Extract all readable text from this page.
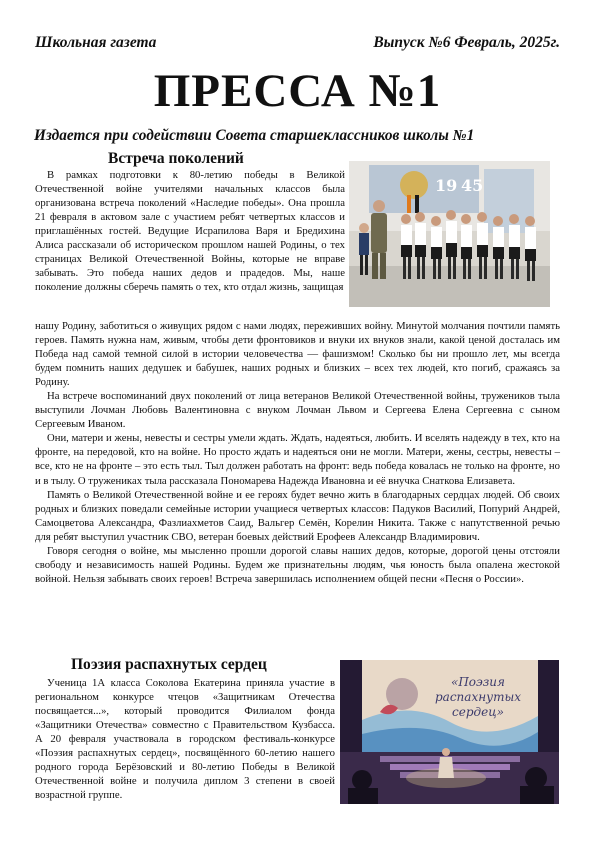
Школьная газета	Выпуск №6 Февраль, 2025г.
ПРЕССА №1
Издается при содействии Совета старшеклассников школы №1
Встреча поколений

В рамках подготовки к 80-летию победы в Великой Отечественной войне учителями начальных классов была организована встреча поколений «Наследие победы». Она прошла 21 февраля в актовом зале с участием ребят четвертых классов и приглашённых гостей. Ведущие Исрапилова Варя и Бредихина Алиса рассказали об историческом прошлом нашей Родины, о тех страницах Великой Отечественной Войны, которые не вправе забывать. Это победа наших дедов и прадедов. Мы, наше поколение должны сберечь память о тех, кто отдал жизнь, защищая

19 45

нашу Родину, заботиться о живущих рядом с нами людях, переживших войну. Минутой молчания почтили память героев. Память нужна нам, живым, чтобы дети фронтовиков и внуки их внуков знали, какой ценой досталась им Победа над самой темной силой в истории человечества — фашизмом! Сколько бы ни прошло лет, мы всегда будем помнить наших дедушек и бабушек, наших родных и близких – всех тех людей, кто погиб, сражаясь за Родину.

На встрече воспоминаний двух поколений от лица ветеранов Великой Отечественной войны, тружеников тыла выступили Лочман Любовь Валентиновна с внуком Лочман Львом и Сергеева Елена Сергеевна с сыном Сергеевым Иваном.

Они, матери и жены, невесты и сестры умели ждать. Ждать, надеяться, любить. И вселять надежду в тех, кто на фронте, на передовой, кто на войне. Но просто ждать и надеяться они не могли. Матери, жены, сестры, невесты – все, кто не на фронте – это есть тыл. Тыл должен работать на фронт: ведь победа ковалась не только на фронте, но и в тылу. О тружениках тыла рассказала Пономарева Надежда Ивановна и её внучка Снаткова Елизавета.

Память о Великой Отечественной войне и ее героях будет вечно жить в благодарных сердцах людей. Об своих родных и близких поведали семейные истории учащиеся четвертых классов: Падуков Василий, Попурий Андрей, Самоцветова Александра, Фазлиахметов Саид, Вальгер Семён, Корелин Никита. Также с напутственной речью для ребят выступил участник СВО, ветеран боевых действий Ерофеев Александр Владимирович.

Говоря сегодня о войне, мы мысленно прошли дорогой славы наших дедов, которые, дорогой цены отстояли свободу и независимость нашей Родины. Будем же признательны людям, чья юность была опалена жестокой войной. Нельзя забывать своих героев! Встреча завершилась исполнением общей песни «Песня о России».

Поэзия распахнутых сердец

Ученица 1А класса Соколова Екатерина приняла участие в региональном конкурсе чтецов «Защитникам Отечества посвящается...», который проводится Филиалом фонда «Защитники Отечества» совместно с Правительством Кузбасса. А 20 февраля участвовала в городском фестиваль-конкурсе «Поэзия распахнутых сердец», посвящённого 60-летию нашего родного города Берёзовский и 80-летию Победы в Великой Отечественной войне и получила диплом 3 степени в своей возрастной группе.

«Поэзия
распахнутых
сердец»
